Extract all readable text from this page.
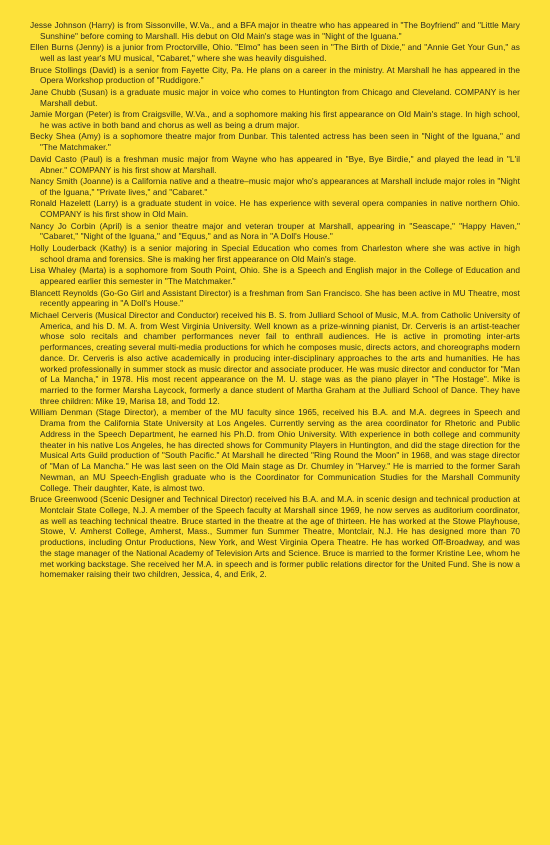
Jesse Johnson (Harry) is from Sissonville, W.Va., and a BFA major in theatre who has appeared in "The Boyfriend" and "Little Mary Sunshine" before coming to Marshall. His debut on Old Main's stage was in "Night of the Iguana."

Ellen Burns (Jenny) is a junior from Proctorville, Ohio. "Elmo" has been seen in "The Birth of Dixie," and "Annie Get Your Gun," as well as last year's MU musical, "Cabaret," where she was heavily disguished.

Bruce Stollings (David) is a senior from Fayette City, Pa. He plans on a career in the ministry. At Marshall he has appeared in the Opera Workshop production of "Ruddigore."

Jane Chubb (Susan) is a graduate music major in voice who comes to Huntington from Chicago and Cleveland. COMPANY is her Marshall debut.

Jamie Morgan (Peter) is from Craigsville, W.Va., and a sophomore making his first appearance on Old Main's stage. In high school, he was active in both band and chorus as well as being a drum major.

Becky Shea (Amy) is a sophomore theatre major from Dunbar. This talented actress has been seen in "Night of the Iguana," and "The Matchmaker."

David Casto (Paul) is a freshman music major from Wayne who has appeared in "Bye, Bye Birdie," and played the lead in "L'il Abner." COMPANY is his first show at Marshall.

Nancy Smith (Joanne) is a California native and a theatre–music major who's appearances at Marshall include major roles in "Night of the Iguana," "Private lives," and "Cabaret."

Ronald Hazelett (Larry) is a graduate student in voice. He has experience with several opera companies in native northern Ohio. COMPANY is his first show in Old Main.

Nancy Jo Corbin (April) is a senior theatre major and veteran trouper at Marshall, appearing in "Seascape," "Happy Haven," "Cabaret," "Night of the Iguana," and "Equus," and as Nora in "A Doll's House."

Holly Louderback (Kathy) is a senior majoring in Special Education who comes from Charleston where she was active in high school drama and forensics. She is making her first appearance on Old Main's stage.

Lisa Whaley (Marta) is a sophomore from South Point, Ohio. She is a Speech and English major in the College of Education and appeared earlier this semester in "The Matchmaker."

Blancett Reynolds (Go-Go Girl and Assistant Director) is a freshman from San Francisco. She has been active in MU Theatre, most recently appearing in "A Doll's House."

Michael Cerveris (Musical Director and Conductor) received his B. S. from Julliard School of Music, M.A. from Catholic University of America, and his D. M. A. from West Virginia University. Well known as a prize-winning pianist, Dr. Cerveris is an artist-teacher whose solo recitals and chamber performances never fail to enthrall audiences. He is active in promoting inter-arts performances, creating several multi-media productions for which he composes music, directs actors, and choreographs modern dance. Dr. Cerveris is also active academically in producing inter-disciplinary approaches to the arts and humanities. He has worked professionally in summer stock as music director and associate producer. He was music director and conductor for "Man of La Mancha," in 1978. His most recent appearance on the M. U. stage was as the piano player in "The Hostage". Mike is married to the former Marsha Laycock, formerly a dance student of Martha Graham at the Julliard School of Dance. They have three children: Mike 19, Marisa 18, and Todd 12.

William Denman (Stage Director), a member of the MU faculty since 1965, received his B.A. and M.A. degrees in Speech and Drama from the California State University at Los Angeles. Currently serving as the area coordinator for Rhetoric and Public Address in the Speech Department, he earned his Ph.D. from Ohio University. With experience in both college and community theater in his native Los Angeles, he has directed shows for Community Players in Huntington, and did the stage direction for the Musical Arts Guild production of "South Pacific." At Marshall he directed "Ring Round the Moon" in 1968, and was stage director of "Man of La Mancha." He was last seen on the Old Main stage as Dr. Chumley in "Harvey." He is married to the former Sarah Newman, an MU Speech-English graduate who is the Coordinator for Communication Studies for the Marshall Community College. Their daughter, Kate, is almost two.

Bruce Greenwood (Scenic Designer and Technical Director) received his B.A. and M.A. in scenic design and technical production at Montclair State College, N.J. A member of the Speech faculty at Marshall since 1969, he now serves as auditorium coordinator, as well as teaching technical theatre. Bruce started in the theatre at the age of thirteen. He has worked at the Stowe Playhouse, Stowe, V. Amherst College, Amherst, Mass., Summer fun Summer Theatre, Montclair, N.J. He has designed more than 70 productions, including Ontur Productions, New York, and West Virginia Opera Theatre. He has worked Off-Broadway, and was the stage manager of the National Academy of Television Arts and Science. Bruce is married to the former Kristine Lee, whom he met working backstage. She received her M.A. in speech and is former public relations director for the United Fund. She is now a homemaker raising their two children, Jessica, 4, and Erik, 2.
